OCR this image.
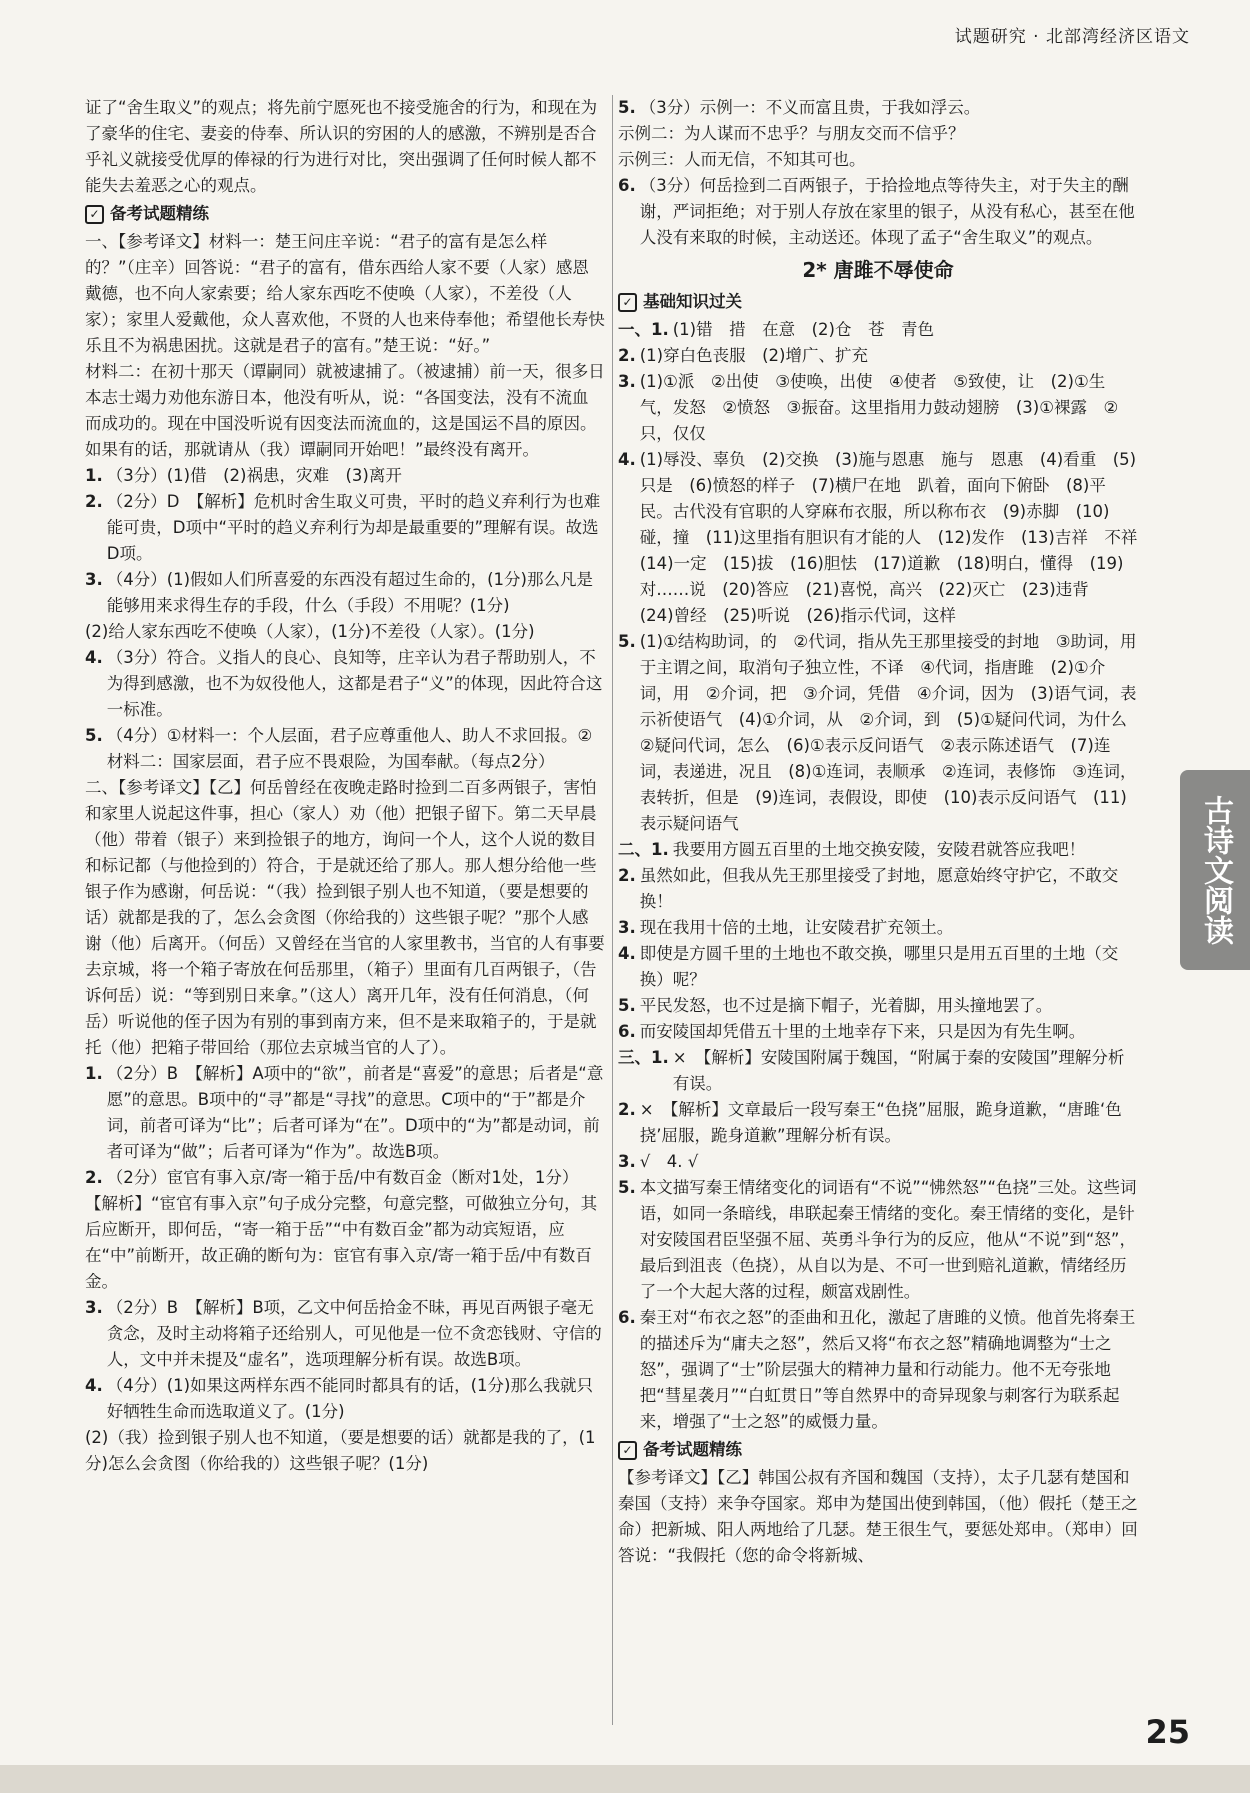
试题研究 · 北部湾经济区语文
证了“舍生取义”的观点；将先前宁愿死也不接受施舍的行为，和现在为了豪华的住宅、妻妾的侍奉、所认识的穷困的人的感激，不辨别是否合乎礼义就接受优厚的俸禄的行为进行对比，突出强调了任何时候人都不能失去羞恶之心的观点。
✓ 备考试题精练
一、【参考译文】材料一：楚王问庄辛说：“君子的富有是怎么样的？”（庄辛）回答说：“君子的富有，借东西给人家不要（人家）感恩戴德，也不向人家索要；给人家东西吃不使唤（人家），不差役（人家）；家里人爱戴他，众人喜欢他，不贤的人也来侍奉他；希望他长寿快乐且不为祸患困扰。这就是君子的富有。”楚王说：“好。”
材料二：在初十那天（谭嗣同）就被逮捕了。（被逮捕）前一天，很多日本志士竭力劝他东游日本，他没有听从，说：“各国变法，没有不流血而成功的。现在中国没听说有因变法而流血的，这是国运不昌的原因。如果有的话，那就请从（我）谭嗣同开始吧！”最终没有离开。
1. （3分）(1)借　(2)祸患，灾难　(3)离开
2. （2分）D　【解析】危机时舍生取义可贵，平时的趋义弃利行为也难能可贵，D项中“平时的趋义弃利行为却是最重要的”理解有误。故选D项。
3. （4分）(1)假如人们所喜爱的东西没有超过生命的，(1分)那么凡是能够用来求得生存的手段，什么（手段）不用呢？(1分)
(2)给人家东西吃不使唤（人家），(1分)不差役（人家）。(1分)
4. （3分）符合。义指人的良心、良知等，庄辛认为君子帮助别人，不为得到感激，也不为奴役他人，这都是君子“义”的体现，因此符合这一标准。
5. （4分）①材料一：个人层面，君子应尊重他人、助人不求回报。②材料二：国家层面，君子应不畏艰险，为国奉献。（每点2分）
二、【参考译文】【乙】何岳曾经在夜晚走路时捡到二百多两银子，害怕和家里人说起这件事，担心（家人）劝（他）把银子留下。第二天早晨（他）带着（银子）来到捡银子的地方，询问一个人，这个人说的数目和标记都（与他捡到的）符合，于是就还给了那人。那人想分给他一些银子作为感谢，何岳说：“（我）捡到银子别人也不知道，（要是想要的话）就都是我的了，怎么会贪图（你给我的）这些银子呢？”那个人感谢（他）后离开。（何岳）又曾经在当官的人家里教书，当官的人有事要去京城，将一个箱子寄放在何岳那里，（箱子）里面有几百两银子，（告诉何岳）说：“等到别日来拿。”（这人）离开几年，没有任何消息，（何岳）听说他的侄子因为有别的事到南方来，但不是来取箱子的，于是就托（他）把箱子带回给（那位去京城当官的人了）。
1. （2分）B　【解析】A项中的“欲”，前者是“喜爱”的意思；后者是“意愿”的意思。B项中的“寻”都是“寻找”的意思。C项中的“于”都是介词，前者可译为“比”；后者可译为“在”。D项中的“为”都是动词，前者可译为“做”；后者可译为“作为”。故选B项。
2. （2分）宦官有事入京/寄一箱于岳/中有数百金（断对1处，1分）
【解析】“宦官有事入京”句子成分完整，句意完整，可做独立分句，其后应断开，即何岳，“寄一箱于岳”“中有数百金”都为动宾短语，应在“中”前断开，故正确的断句为：宦官有事入京/寄一箱于岳/中有数百金。
3. （2分）B　【解析】B项，乙文中何岳拾金不昧，再见百两银子毫无贪念，及时主动将箱子还给别人，可见他是一位不贪恋钱财、守信的人，文中并未提及“虚名”，选项理解分析有误。故选B项。
4. （4分）(1)如果这两样东西不能同时都具有的话，(1分)那么我就只好牺牲生命而选取道义了。(1分)
(2)（我）捡到银子别人也不知道，（要是想要的话）就都是我的了，(1分)怎么会贪图（你给我的）这些银子呢？(1分)
5. （3分）示例一：不义而富且贵，于我如浮云。
示例二：为人谋而不忠乎？与朋友交而不信乎？
示例三：人而无信，不知其可也。
6. （3分）何岳捡到二百两银子，于拾捡地点等待失主，对于失主的酬谢，严词拒绝；对于别人存放在家里的银子，从没有私心，甚至在他人没有来取的时候，主动送还。体现了孟子“舍生取义”的观点。
2* 唐雎不辱使命
✓ 基础知识过关
一、1. (1)错　措　在意　(2)仓　苍　青色
2. (1)穿白色丧服　(2)增广、扩充
3. (1)①派　②出使　③使唤，出使　④使者　⑤致使，让　(2)①生气，发怒　②愤怒　③振奋。这里指用力鼓动翅膀　(3)①裸露　②只，仅仅
4. (1)辱没、辜负　(2)交换　(3)施与恩惠　施与　恩惠　(4)看重　(5)只是　(6)愤怒的样子　(7)横尸在地　趴着，面向下俯卧　(8)平民。古代没有官职的人穿麻布衣服，所以称布衣　(9)赤脚　(10)碰，撞　(11)这里指有胆识有才能的人　(12)发作　(13)吉祥　不祥　(14)一定　(15)拔　(16)胆怯　(17)道歉　(18)明白，懂得　(19)对……说　(20)答应　(21)喜悦，高兴　(22)灭亡　(23)违背　(24)曾经　(25)听说　(26)指示代词，这样
5. (1)①结构助词，的　②代词，指从先王那里接受的封地　③助词，用于主谓之间，取消句子独立性，不译　④代词，指唐雎　(2)①介词，用　②介词，把　③介词，凭借　④介词，因为　(3)语气词，表示祈使语气　(4)①介词，从　②介词，到　(5)①疑问代词，为什么　②疑问代词，怎么　(6)①表示反问语气　②表示陈述语气　(7)连词，表递进，况且　(8)①连词，表顺承　②连词，表修饰　③连词，表转折，但是　(9)连词，表假设，即使　(10)表示反问语气　(11)表示疑问语气
二、1. 我要用方圆五百里的土地交换安陵，安陵君就答应我吧！
2. 虽然如此，但我从先王那里接受了封地，愿意始终守护它，不敢交换！
3. 现在我用十倍的土地，让安陵君扩充领土。
4. 即使是方圆千里的土地也不敢交换，哪里只是用五百里的土地（交换）呢？
5. 平民发怒，也不过是摘下帽子，光着脚，用头撞地罢了。
6. 而安陵国却凭借五十里的土地幸存下来，只是因为有先生啊。
三、1. ×　【解析】安陵国附属于魏国，“附属于秦的安陵国”理解分析有误。
2. ×　【解析】文章最后一段写秦王“色挠”屈服，跪身道歉，“唐雎‘色挠’屈服，跪身道歉”理解分析有误。
3. √　4. √
5. 本文描写秦王情绪变化的词语有“不说”“怫然怒”“色挠”三处。这些词语，如同一条暗线，串联起秦王情绪的变化。秦王情绪的变化，是针对安陵国君臣坚强不屈、英勇斗争行为的反应，他从“不说”到“怒”，最后到沮丧（色挠），从自以为是、不可一世到赔礼道歉，情绪经历了一个大起大落的过程，颇富戏剧性。
6. 秦王对“布衣之怒”的歪曲和丑化，激起了唐雎的义愤。他首先将秦王的描述斥为“庸夫之怒”，然后又将“布衣之怒”精确地调整为“士之怒”，强调了“士”阶层强大的精神力量和行动能力。他不无夸张地把“彗星袭月”“白虹贯日”等自然界中的奇异现象与刺客行为联系起来，增强了“士之怒”的威慑力量。
✓ 备考试题精练
【参考译文】【乙】韩国公叔有齐国和魏国（支持），太子几瑟有楚国和秦国（支持）来争夺国家。郑申为楚国出使到韩国，（他）假托（楚王之命）把新城、阳人两地给了几瑟。楚王很生气，要惩处郑申。（郑申）回答说：“我假托（您的命令将新城、
古诗文阅读
25
